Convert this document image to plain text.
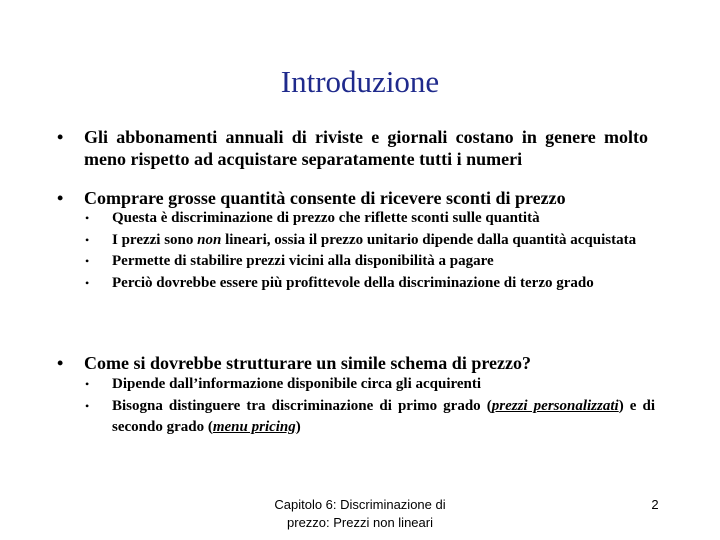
Introduzione
• Gli abbonamenti annuali di riviste e giornali costano in genere molto meno rispetto ad acquistare separatamente tutti i numeri
• Comprare grosse quantità consente di ricevere sconti di prezzo
• Questa è discriminazione di prezzo che riflette sconti sulle quantità
• I prezzi sono non lineari, ossia il prezzo unitario dipende dalla quantità acquistata
• Permette di stabilire prezzi vicini alla disponibilità a pagare
• Perciò dovrebbe essere più profittevole della discriminazione di terzo grado
• Come si dovrebbe strutturare un simile schema di prezzo?
• Dipende dall’informazione disponibile circa gli acquirenti
• Bisogna distinguere tra discriminazione di primo grado (prezzi personalizzati) e di secondo grado (menu pricing)
Capitolo 6: Discriminazione di
prezzo: Prezzi non lineari
2
